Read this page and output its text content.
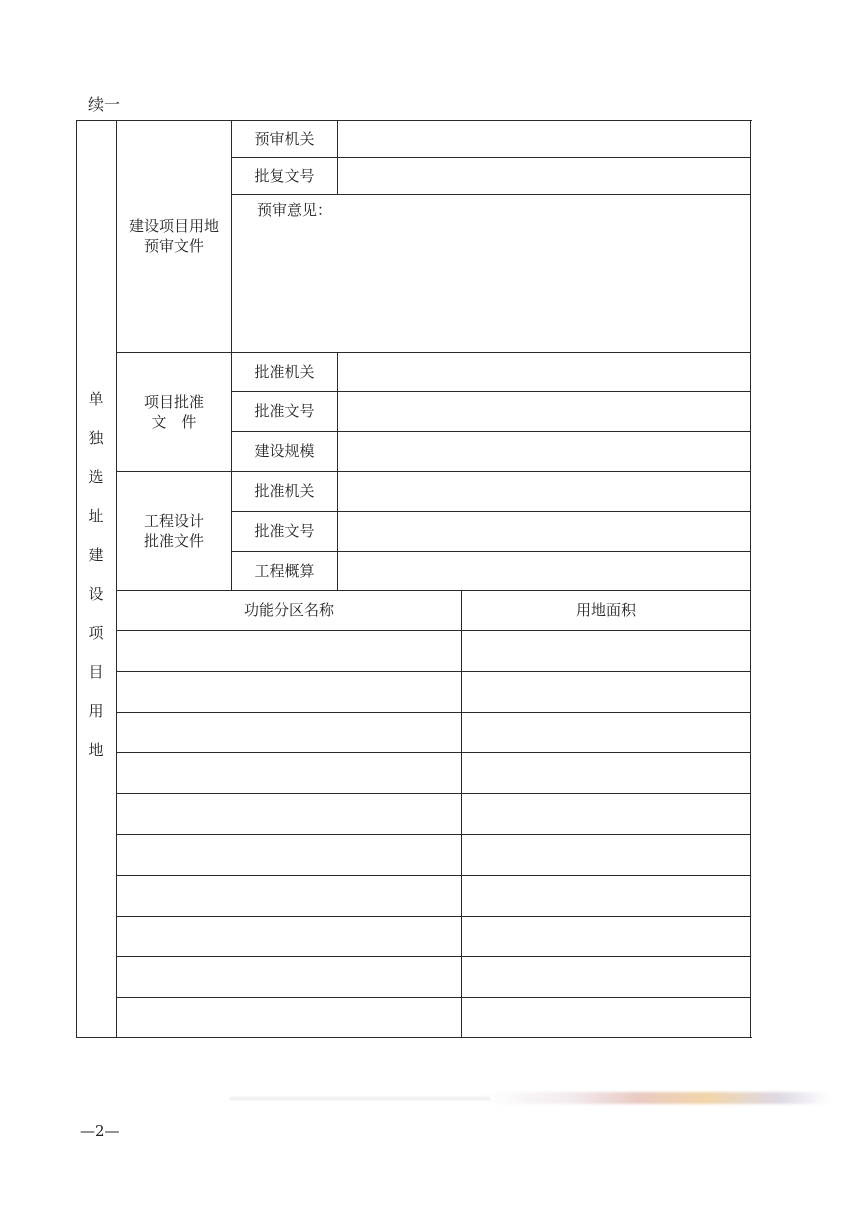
续一
单
独
选
址
建
设
项
目
用
地
建设项目用地
预审文件
预审机关
批复文号
预审意见：
项目批准
文　件
批准机关
批准文号
建设规模
工程设计
批准文件
批准机关
批准文号
工程概算
功能分区名称	用地面积
—2—
